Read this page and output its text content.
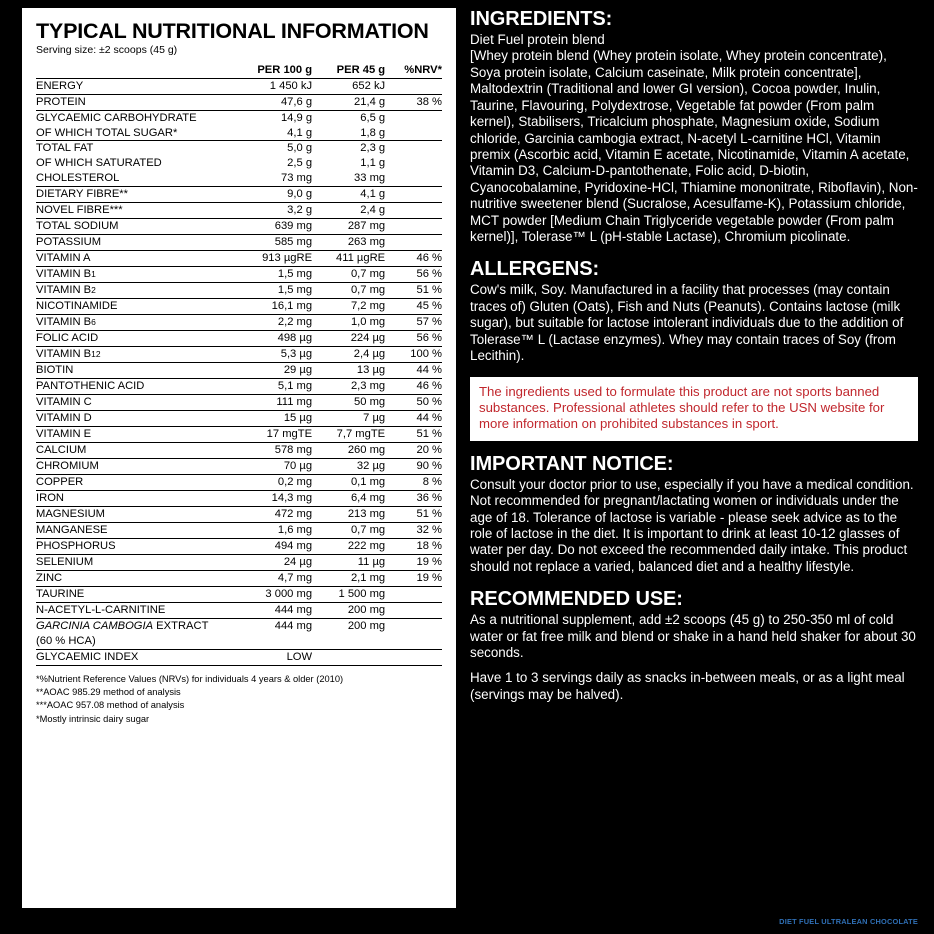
TYPICAL NUTRITIONAL INFORMATION
Serving size: ±2 scoops (45 g)
	PER 100 g	PER 45 g	%NRV*
ENERGY	1 450 kJ	652 kJ	
PROTEIN	47,6 g	21,4 g	38 %
GLYCAEMIC CARBOHYDRATE	14,9 g	6,5 g	
OF WHICH TOTAL SUGAR*	4,1 g	1,8 g	
TOTAL FAT	5,0 g	2,3 g	
OF WHICH SATURATED	2,5 g	1,1 g	
CHOLESTEROL	73 mg	33 mg	
DIETARY FIBRE**	9,0 g	4,1 g	
NOVEL FIBRE***	3,2 g	2,4 g	
TOTAL SODIUM	639 mg	287 mg	
POTASSIUM	585 mg	263 mg	
VITAMIN A	913 µgRE	411 µgRE	46 %
VITAMIN B1	1,5 mg	0,7 mg	56 %
VITAMIN B2	1,5 mg	0,7 mg	51 %
NICOTINAMIDE	16,1 mg	7,2 mg	45 %
VITAMIN B6	2,2 mg	1,0 mg	57 %
FOLIC ACID	498 µg	224 µg	56 %
VITAMIN B12	5,3 µg	2,4 µg	100 %
BIOTIN	29 µg	13 µg	44 %
PANTOTHENIC ACID	5,1 mg	2,3 mg	46 %
VITAMIN C	111 mg	50 mg	50 %
VITAMIN D	15 µg	7 µg	44 %
VITAMIN E	17 mgTE	7,7 mgTE	51 %
CALCIUM	578 mg	260 mg	20 %
CHROMIUM	70 µg	32 µg	90 %
COPPER	0,2 mg	0,1 mg	8 %
IRON	14,3 mg	6,4 mg	36 %
MAGNESIUM	472 mg	213 mg	51 %
MANGANESE	1,6 mg	0,7 mg	32 %
PHOSPHORUS	494 mg	222 mg	18 %
SELENIUM	24 µg	11 µg	19 %
ZINC	4,7 mg	2,1 mg	19 %
TAURINE	3 000 mg	1 500 mg	
N-ACETYL-L-CARNITINE	444 mg	200 mg	
GARCINIA CAMBOGIA EXTRACT	444 mg	200 mg	
(60 % HCA)			
GLYCAEMIC INDEX	LOW		
*%Nutrient Reference Values (NRVs) for individuals 4 years & older (2010)
**AOAC 985.29 method of analysis
***AOAC 957.08 method of analysis
*Mostly intrinsic dairy sugar
INGREDIENTS:

Diet Fuel protein blend

[Whey protein blend (Whey protein isolate, Whey protein concentrate), Soya protein isolate, Calcium caseinate, Milk protein concentrate], Maltodextrin (Traditional and lower GI version), Cocoa powder, Inulin, Taurine, Flavouring, Polydextrose, Vegetable fat powder (From palm kernel), Stabilisers, Tricalcium phosphate, Magnesium oxide, Sodium chloride, Garcinia cambogia extract, N-acetyl L-carnitine HCl, Vitamin premix (Ascorbic acid, Vitamin E acetate, Nicotinamide, Vitamin A acetate, Vitamin D3, Calcium-D-pantothenate, Folic acid, D-biotin, Cyanocobalamine, Pyridoxine-HCl, Thiamine mononitrate, Riboflavin), Non-nutritive sweetener blend (Sucralose, Acesulfame-K), Potassium chloride, MCT powder [Medium Chain Triglyceride vegetable powder (From palm kernel)], Tolerase™ L (pH-stable Lactase), Chromium picolinate.

ALLERGENS:

Cow's milk, Soy. Manufactured in a facility that processes (may contain traces of) Gluten (Oats), Fish and Nuts (Peanuts). Contains lactose (milk sugar), but suitable for lactose intolerant individuals due to the addition of Tolerase™ L (Lactase enzymes). Whey may contain traces of Soy (from Lecithin).

The ingredients used to formulate this product are not sports banned substances. Professional athletes should refer to the USN website for more information on prohibited substances in sport.

IMPORTANT NOTICE:

Consult your doctor prior to use, especially if you have a medical condition. Not recommended for pregnant/lactating women or individuals under the age of 18. Tolerance of lactose is variable - please seek advice as to the role of lactose in the diet. It is important to drink at least 10-12 glasses of water per day. Do not exceed the recommended daily intake. This product should not replace a varied, balanced diet and a healthy lifestyle.

RECOMMENDED USE:

As a nutritional supplement, add ±2 scoops (45 g) to 250-350 ml of cold water or fat free milk and blend or shake in a hand held shaker for about 30 seconds.

Have 1 to 3 servings daily as snacks in-between meals, or as a light meal (servings may be halved).

DIET FUEL ULTRALEAN CHOCOLATE
